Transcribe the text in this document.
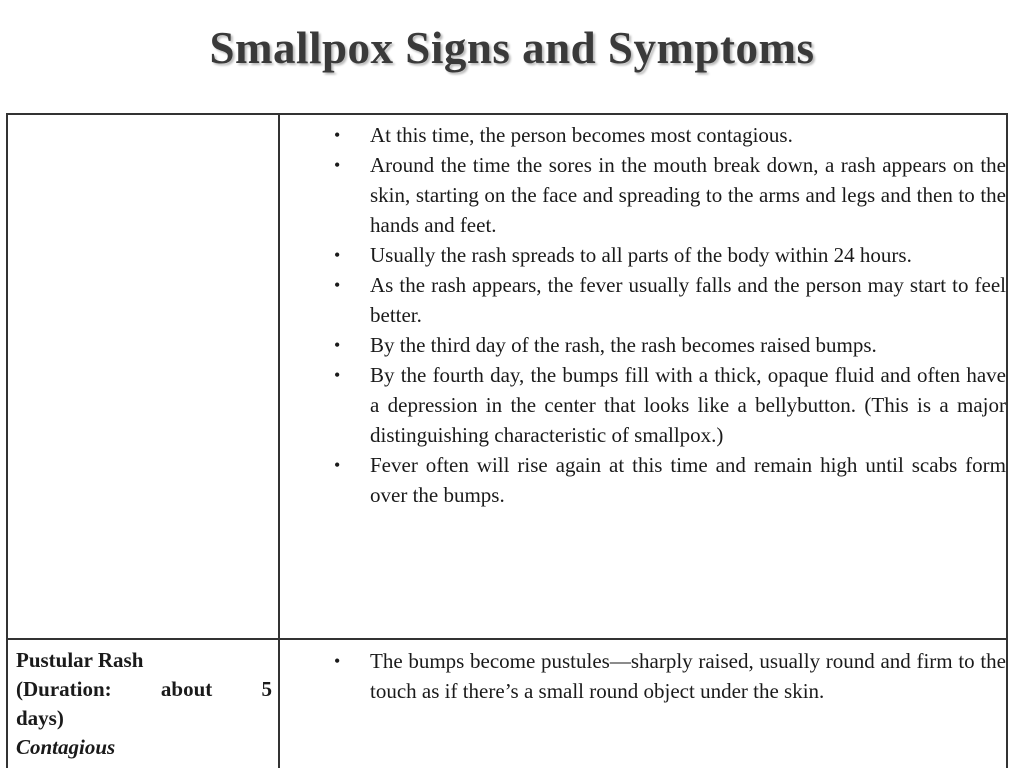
Smallpox Signs and Symptoms
• At this time, the person becomes most contagious.
• Around the time the sores in the mouth break down, a rash appears on the skin, starting on the face and spreading to the arms and legs and then to the hands and feet.
• Usually the rash spreads to all parts of the body within 24 hours.
• As the rash appears, the fever usually falls and the person may start to feel better.
• By the third day of the rash, the rash becomes raised bumps.
• By the fourth day, the bumps fill with a thick, opaque fluid and often have a depression in the center that looks like a bellybutton. (This is a major distinguishing characteristic of smallpox.)
• Fever often will rise again at this time and remain high until scabs form over the bumps.
Pustular Rash
(Duration: about 5
days)
Contagious
• The bumps become pustules—sharply raised, usually round and firm to the touch as if there’s a small round object under the skin.
